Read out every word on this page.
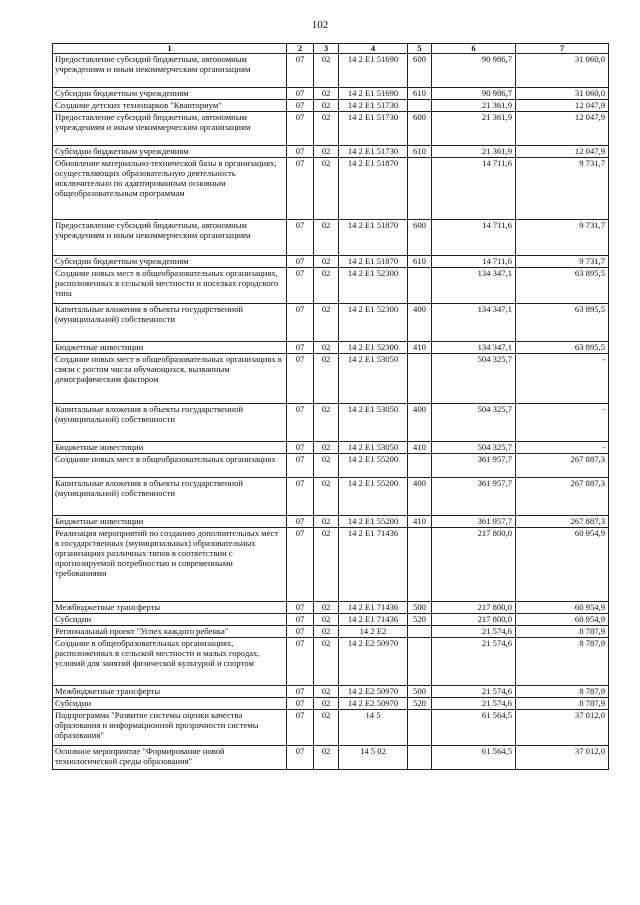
102
1	2	3	4	5	6	7
Предоставление субсидий бюджетным, автономным учреждениям и иным некоммерческим организациям	07	02	14 2 E1 51690	600	90 986,7	31 060,0
Субсидии бюджетным учреждениям	07	02	14 2 E1 51690	610	90 986,7	31 060,0
Создание детских технопарков "Кванториум"	07	02	14 2 E1 51730		21 361,9	12 047,9
Предоставление субсидий бюджетным, автономным учреждениям и иным некоммерческим организациям	07	02	14 2 E1 51730	600	21 361,9	12 047,9
Субсидии бюджетным учреждениям	07	02	14 2 E1 51730	610	21 361,9	12 047,9
Обновление материально-технической базы в организациях, осуществляющих образовательную деятельность исключительно по адаптированным основным общеобразовательным программам	07	02	14 2 E1 51870		14 711,6	9 731,7
Предоставление субсидий бюджетным, автономным учреждениям и иным некоммерческим организациям	07	02	14 2 E1 51870	600	14 711,6	9 731,7
Субсидии бюджетным учреждениям	07	02	14 2 E1 51870	610	14 711,6	9 731,7
Создание новых мест в общеобразовательных организациях, расположенных в сельской местности и поселках городского типа	07	02	14 2 E1 52300		134 347,1	63 895,5
Капитальные вложения в объекты государственной (муниципальной) собственности	07	02	14 2 E1 52300	400	134 347,1	63 895,5
Бюджетные инвестиции	07	02	14 2 E1 52300	410	134 347,1	63 895,5
Создание новых мест в общеобразовательных организациях в связи с ростом числа обучающихся, вызванным демографическим фактором	07	02	14 2 E1 53050		504 325,7	-
Капитальные вложения в объекты государственной (муниципальной) собственности	07	02	14 2 E1 53050	400	504 325,7	-
Бюджетные инвестиции	07	02	14 2 E1 53050	410	504 325,7	-
Создание новых мест в общеобразовательных организациях	07	02	14 2 E1 55200		361 957,7	267 887,3
Капитальные вложения в объекты государственной (муниципальной) собственности	07	02	14 2 E1 55200	400	361 957,7	267 887,3
Бюджетные инвестиции	07	02	14 2 E1 55200	410	361 957,7	267 887,3
Реализация мероприятий по созданию дополнительных мест в государственных (муниципальных) образовательных организациях различных типов в соответствии с прогнозируемой потребностью и современными требованиями	07	02	14 2 E1 71436		217 800,0	60 954,9
Межбюджетные трансферты	07	02	14 2 E1 71436	500	217 800,0	60 954,9
Субсидии	07	02	14 2 E1 71436	520	217 800,0	60 954,9
Региональный проект "Успех каждого ребенка"	07	02	14 2 E2		21 574,6	8 787,9
Создание в общеобразовательных организациях, расположенных в сельской местности и малых городах, условий для занятий физической культурой и спортом	07	02	14 2 E2 50970		21 574,6	8 787,9
Межбюджетные трансферты	07	02	14 2 E2 50970	500	21 574,6	8 787,9
Субсидии	07	02	14 2 E2 50970	520	21 574,6	8 787,9
Подпрограмма "Развитие системы оценки качества образования и информационной прозрачности системы образования"	07	02	14 5		61 564,5	37 012,0
Основное мероприятие "Формирование новой технологической среды образования"	07	02	14 5 02		61 564,5	37 012,0
